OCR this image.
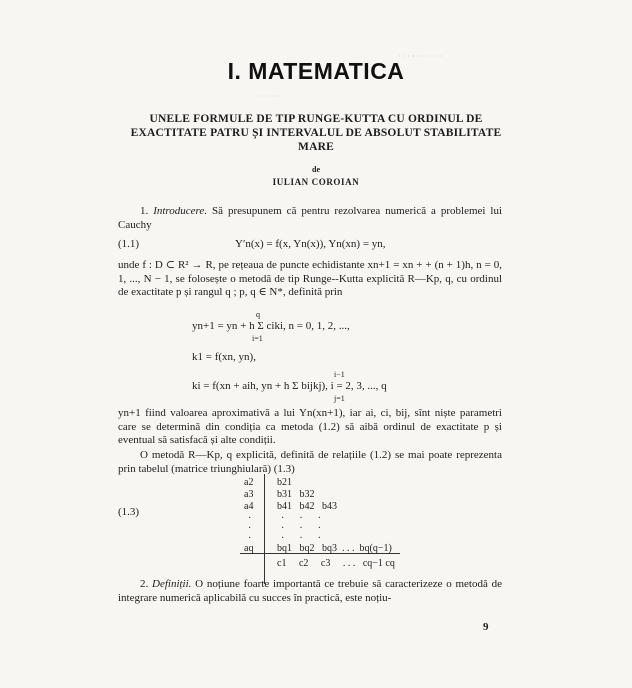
· · · · · · · · · ·
· · · · ·
I. MATEMATICA
UNELE FORMULE DE TIP RUNGE-KUTTA CU ORDINUL DE EXACTITATE PATRU ȘI INTERVALUL DE ABSOLUT STABILITATE MARE
de
IULIAN COROIAN
1. Introducere. Să presupunem că pentru rezolvarea numerică a problemei lui Cauchy
(1.1)	Y′n(x) = f(x, Yn(x)), Yn(xn) = yn,
unde f : D ⊂ R² → R, pe rețeaua de puncte echidistante xn+1 = xn + + (n + 1)h, n = 0, 1, ..., N − 1, se folosește o metodă de tip Runge--Kutta explicită R—Kp, q, cu ordinul de exactitate p și rangul q ; p, q ∈ N*, definită prin
yn+1 = yn + h Σ ciki, n = 0, 1, 2, ...,
q
i=1
k1 = f(xn, yn),
ki = f(xn + aih, yn + h Σ bijkj), i = 2, 3, ..., q
i−1
j=1
yn+1 fiind valoarea aproximativă a lui Yn(xn+1), iar ai, ci, bij, sînt niște parametri care se determină din condiția ca metoda (1.2) să aibă ordinul de exactitate p și eventual să satisfacă și alte condiții.
O metodă R—Kp, q explicită, definită de relațiile (1.2) se mai poate reprezenta prin tabelul (matrice triunghiulară) (1.3)
(1.3)
a2
a3
a4
·
·
·
aq
b21
b31   b32
b41   b42   b43
·      ·      ·
·      ·      ·
·      ·      ·
bq1   bq2   bq3  . . .  bq(q−1)
c1     c2     c3     . . .   cq−1 cq
2. Definiții. O noțiune foarte importantă ce trebuie să caracterizeze o metodă de integrare numerică aplicabilă cu succes în practică, este noțiu-
9
